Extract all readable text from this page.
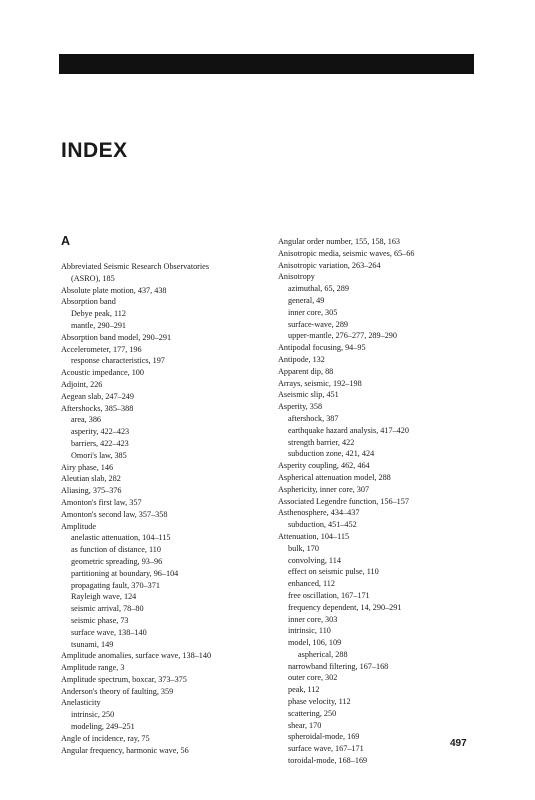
INDEX
A
Abbreviated Seismic Research Observatories
(ASRO), 185
Absolute plate motion, 437, 438
Absorption band
Debye peak, 112
mantle, 290–291
Absorption band model, 290–291
Accelerometer, 177, 196
response characteristics, 197
Acoustic impedance, 100
Adjoint, 226
Aegean slab, 247–249
Aftershocks, 385–388
area, 386
asperity, 422–423
barriers, 422–423
Omori's law, 385
Airy phase, 146
Aleutian slab, 282
Aliasing, 375–376
Amonton's first law, 357
Amonton's second law, 357–358
Amplitude
anelastic attenuation, 104–115
as function of distance, 110
geometric spreading, 93–96
partitioning at boundary, 96–104
propagating fault, 370–371
Rayleigh wave, 124
seismic arrival, 78–80
seismic phase, 73
surface wave, 138–140
tsunami, 149
Amplitude anomalies, surface wave, 138–140
Amplitude range, 3
Amplitude spectrum, boxcar, 373–375
Anderson's theory of faulting, 359
Anelasticity
intrinsic, 250
modeling, 249–251
Angle of incidence, ray, 75
Angular frequency, harmonic wave, 56
Angular order number, 155, 158, 163
Anisotropic media, seismic waves, 65–66
Anisotropic variation, 263–264
Anisotropy
azimuthal, 65, 289
general, 49
inner core, 305
surface-wave, 289
upper-mantle, 276–277, 289–290
Antipodal focusing, 94–95
Antipode, 132
Apparent dip, 88
Arrays, seismic, 192–198
Aseismic slip, 451
Asperity, 358
aftershock, 387
earthquake hazard analysis, 417–420
strength barrier, 422
subduction zone, 421, 424
Asperity coupling, 462, 464
Aspherical attenuation model, 288
Asphericity, inner core, 307
Associated Legendre function, 156–157
Asthenosphere, 434–437
subduction, 451–452
Attenuation, 104–115
bulk, 170
convolving, 114
effect on seismic pulse, 110
enhanced, 112
free oscillation, 167–171
frequency dependent, 14, 290–291
inner core, 303
intrinsic, 110
model, 106, 109
aspherical, 288
narrowband filtering, 167–168
outer core, 302
peak, 112
phase velocity, 112
scattering, 250
shear, 170
spheroidal-mode, 169
surface wave, 167–171
toroidal-mode, 168–169
497
